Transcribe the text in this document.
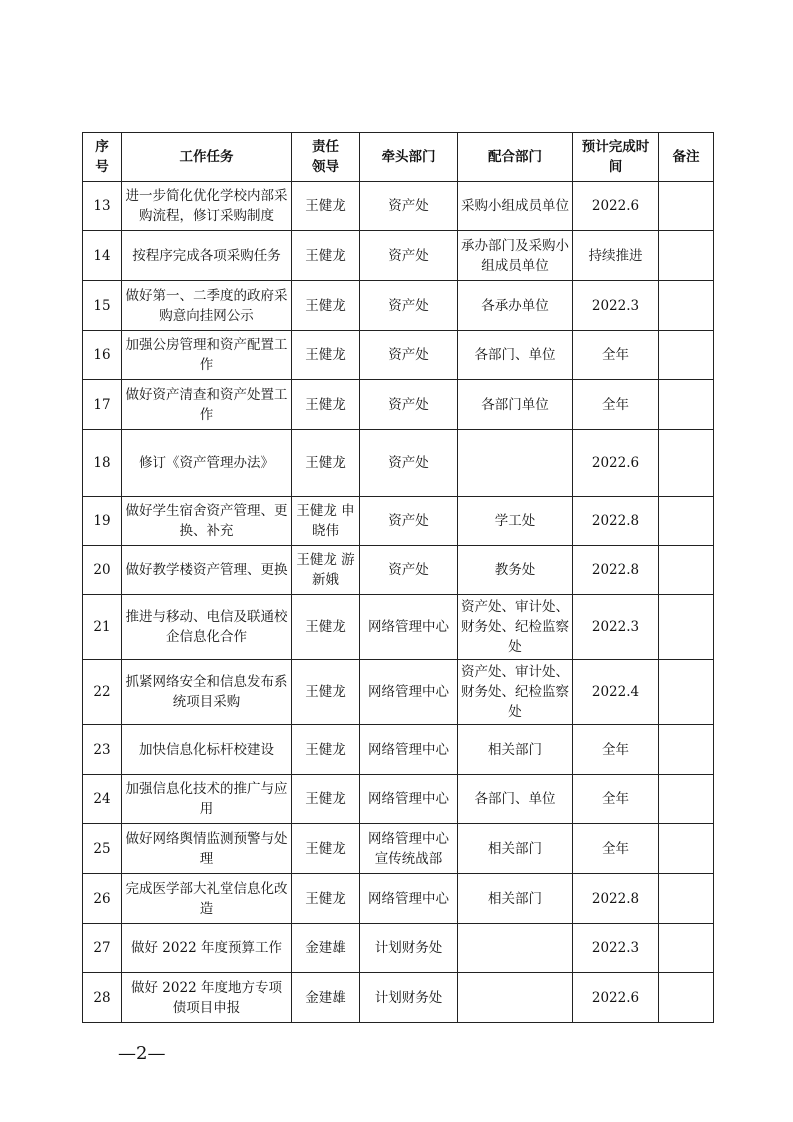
序号	工作任务	责任领导	牵头部门	配合部门	预计完成时间	备注
13	进一步简化优化学校内部采购流程，修订采购制度	王健龙	资产处	采购小组成员单位	2022.6	
14	按程序完成各项采购任务	王健龙	资产处	承办部门及采购小组成员单位	持续推进	
15	做好第一、二季度的政府采购意向挂网公示	王健龙	资产处	各承办单位	2022.3	
16	加强公房管理和资产配置工作	王健龙	资产处	各部门、单位	全年	
17	做好资产清查和资产处置工作	王健龙	资产处	各部门单位	全年	
18	修订《资产管理办法》	王健龙	资产处		2022.6	
19	做好学生宿舍资产管理、更换、补充	王健龙 申晓伟	资产处	学工处	2022.8	
20	做好教学楼资产管理、更换	王健龙 游新娥	资产处	教务处	2022.8	
21	推进与移动、电信及联通校企信息化合作	王健龙	网络管理中心	资产处、审计处、财务处、纪检监察处	2022.3	
22	抓紧网络安全和信息发布系统项目采购	王健龙	网络管理中心	资产处、审计处、财务处、纪检监察处	2022.4	
23	加快信息化标杆校建设	王健龙	网络管理中心	相关部门	全年	
24	加强信息化技术的推广与应用	王健龙	网络管理中心	各部门、单位	全年	
25	做好网络舆情监测预警与处理	王健龙	网络管理中心 宣传统战部	相关部门	全年	
26	完成医学部大礼堂信息化改造	王健龙	网络管理中心	相关部门	2022.8	
27	做好 2022 年度预算工作	金建雄	计划财务处		2022.3	
28	做好 2022 年度地方专项债项目申报	金建雄	计划财务处		2022.6	
—2—
